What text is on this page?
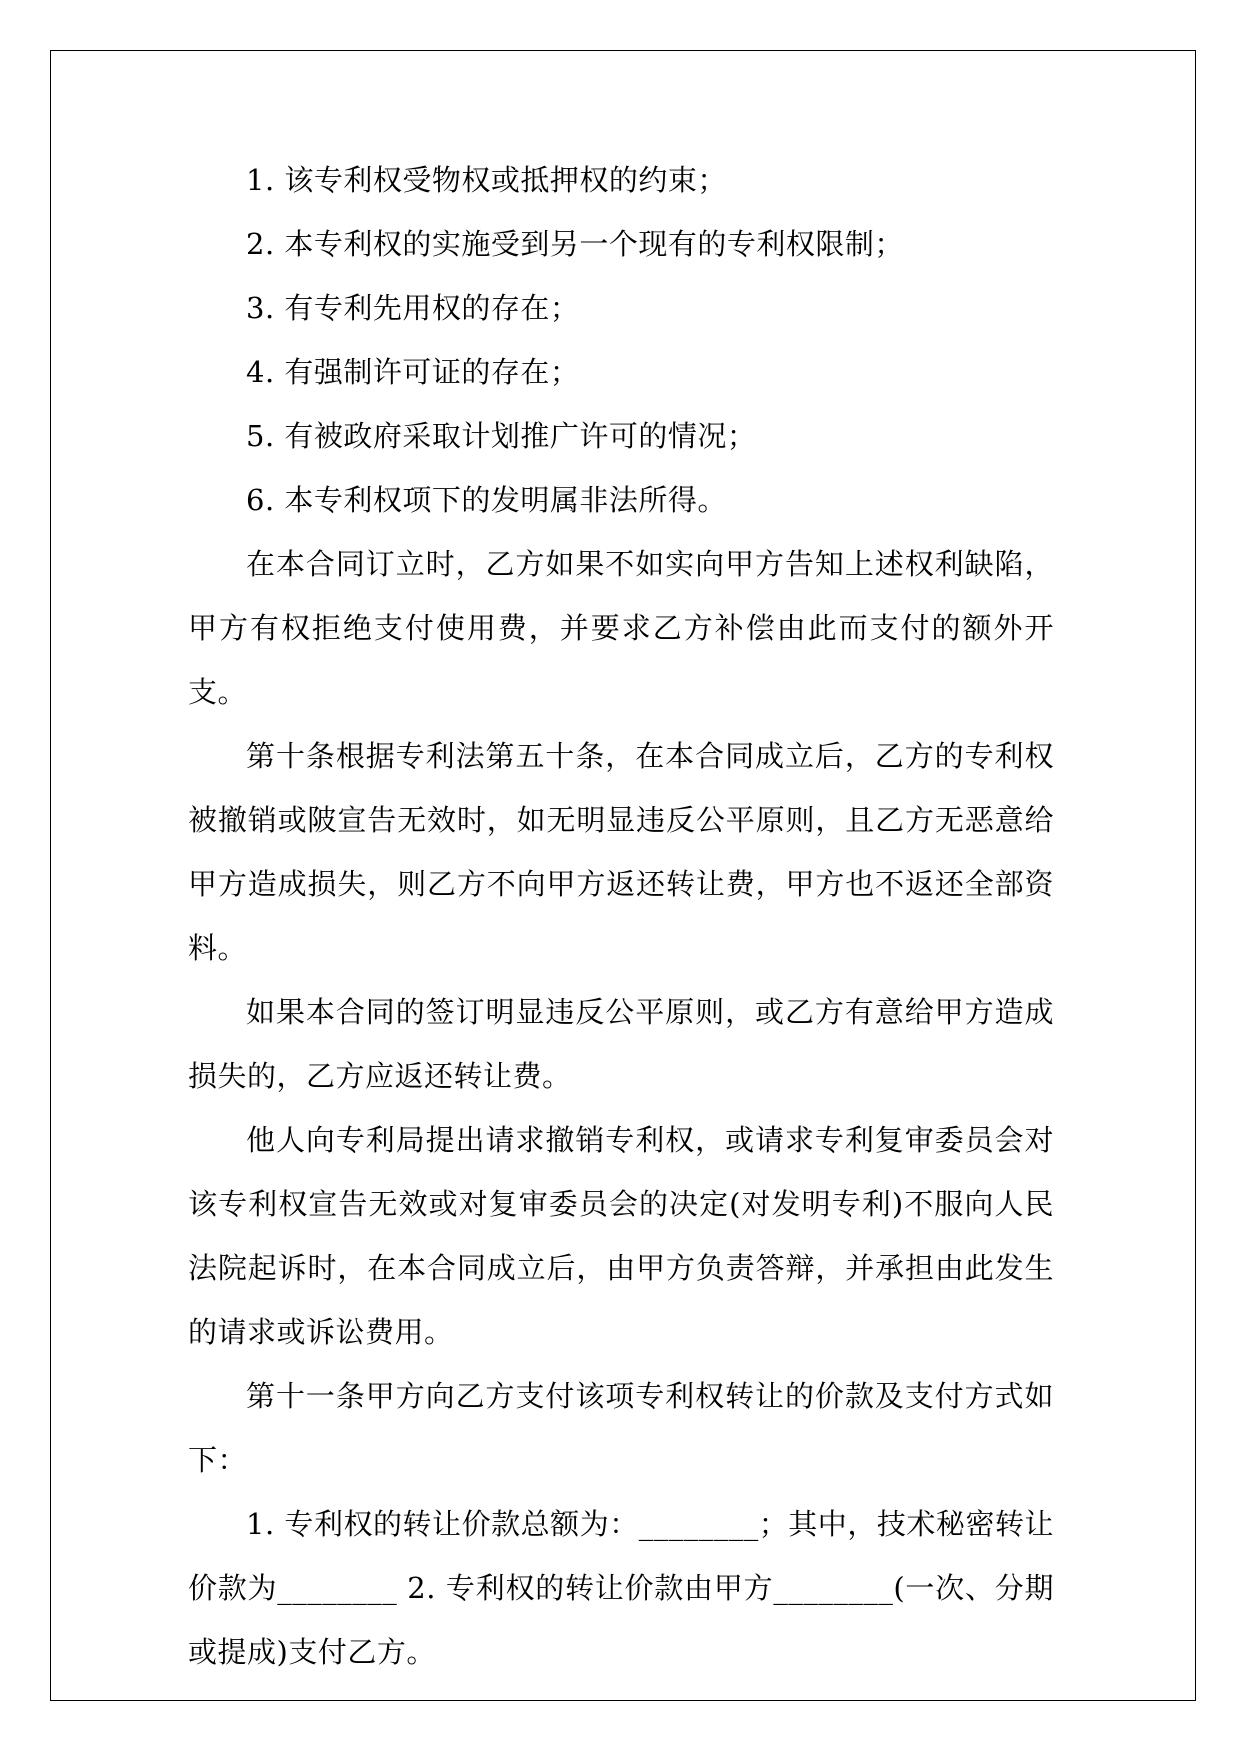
1. 该专利权受物权或抵押权的约束；

2. 本专利权的实施受到另一个现有的专利权限制；

3. 有专利先用权的存在；

4. 有强制许可证的存在；

5. 有被政府采取计划推广许可的情况；

6. 本专利权项下的发明属非法所得。

在本合同订立时，乙方如果不如实向甲方告知上述权利缺陷，甲方有权拒绝支付使用费，并要求乙方补偿由此而支付的额外开支。

第十条根据专利法第五十条，在本合同成立后，乙方的专利权被撤销或陂宣告无效时，如无明显违反公平原则，且乙方无恶意给甲方造成损失，则乙方不向甲方返还转让费，甲方也不返还全部资料。

如果本合同的签订明显违反公平原则，或乙方有意给甲方造成损失的，乙方应返还转让费。

他人向专利局提出请求撤销专利权，或请求专利复审委员会对该专利权宣告无效或对复审委员会的决定(对发明专利)不服向人民法院起诉时，在本合同成立后，由甲方负责答辩，并承担由此发生的请求或诉讼费用。

第十一条甲方向乙方支付该项专利权转让的价款及支付方式如下：

1. 专利权的转让价款总额为：________；其中，技术秘密转让价款为________ 2. 专利权的转让价款由甲方________(一次、分期或提成)支付乙方。
